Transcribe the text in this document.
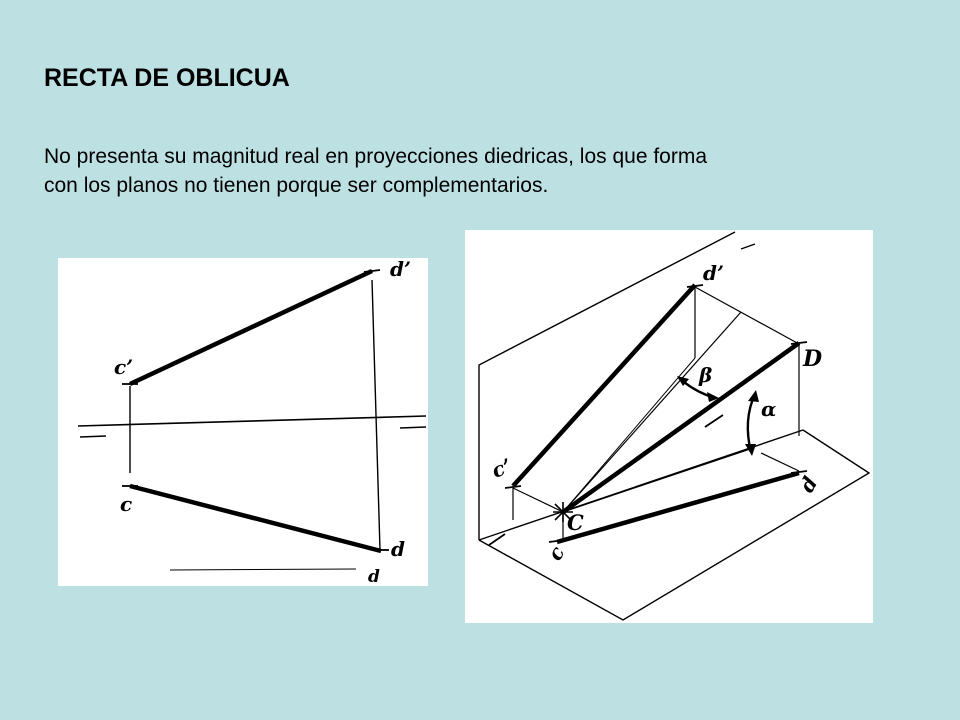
RECTA DE OBLICUA
No presenta su magnitud real en proyecciones diedricas, los que forma
con los planos no tienen porque ser complementarios.
d’
c’
c
d
d
d’
D
β
α
c’
C
c
d
